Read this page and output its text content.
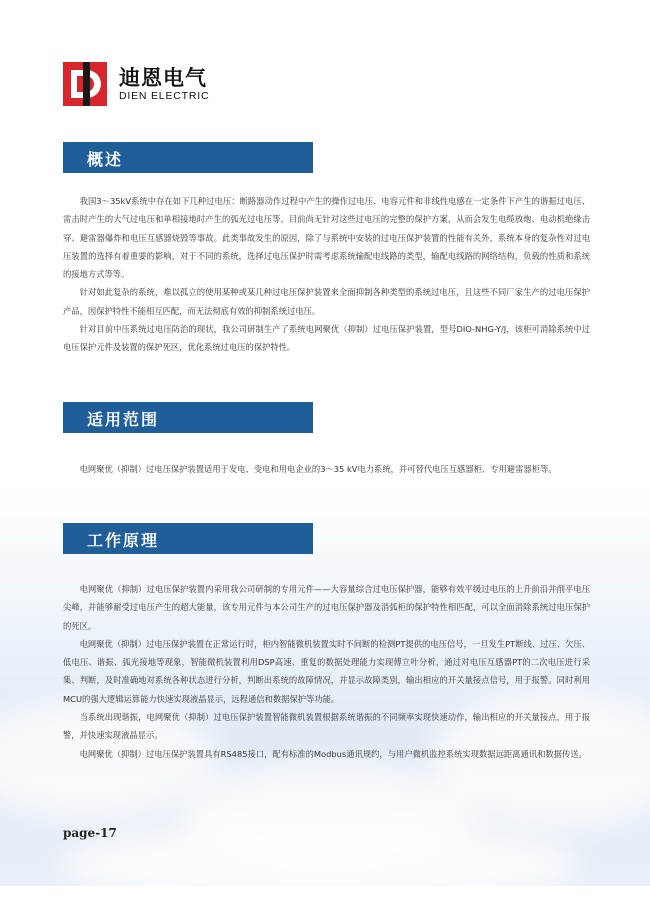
迪恩电气
DIEN ELECTRIC
概述

我国3～35kV系统中存在如下几种过电压：断路器动作过程中产生的操作过电压、电容元件和非线性电感在一定条件下产生的谐振过电压、雷击时产生的大气过电压和单相接地时产生的弧光过电压等。目前尚无针对这些过电压的完整的保护方案，从而会发生电缆放炮、电动机绝缘击穿、避雷器爆炸和电压互感器烧毁等事故。此类事故发生的原因，除了与系统中安装的过电压保护装置的性能有关外，系统本身的复杂性对过电压装置的选择有着重要的影响，对于不同的系统，选择过电压保护时需考虑系统输配电线路的类型，输配电线路的网络结构，负载的性质和系统的接地方式等等。

针对如此复杂的系统，难以孤立的使用某种或某几种过电压保护装置来全面抑制各种类型的系统过电压，且这些不同厂家生产的过电压保护产品，因保护特性不能相互匹配，而无法彻底有效的抑制系统过电压。

针对目前中压系统过电压防治的现状，我公司研制生产了系统电网聚优（抑制）过电压保护装置，型号DIO-NHG-Y/J，该柜可消除系统中过电压保护元件及装置的保护死区，优化系统过电压的保护特性。

适用范围

电网聚优（抑制）过电压保护装置适用于发电、变电和用电企业的3～35 kV电力系统，并可替代电压互感器柜、专用避雷器柜等。

工作原理

电网聚优（抑制）过电压保护装置内采用我公司研制的专用元件——大容量综合过电压保护器，能够有效平缓过电压的上升前沿并削平电压尖峰，并能够耐受过电压产生的超大能量，该专用元件与本公司生产的过电压保护器及消弧柜的保护特性相匹配，可以全面消除系统过电压保护的死区。

电网聚优（抑制）过电压保护装置在正常运行时，柜内智能微机装置实时不间断的检测PT提供的电压信号，一旦发生PT断线、过压、欠压、低电压、谐振、弧光接地等现象，智能微机装置利用DSP高速、重复的数据处理能力实现傅立叶分析，通过对电压互感器PT的二次电压进行采集、判断，及时准确地对系统各种状态进行分析，判断出系统的故障情况，并显示故障类别，输出相应的开关量接点信号，用于报警。同时利用MCU的强大逻辑运算能力快速实现液晶显示，远程通信和数据保护等功能。

当系统出现谐振，电网聚优（抑制）过电压保护装置智能微机装置根据系统谐振的不同频率实现快速动作，输出相应的开关量接点，用于报警，并快速实现液晶显示。

电网聚优（抑制）过电压保护装置具有RS485接口，配有标准的Modbus通讯规约，与用户微机监控系统实现数据远距离通讯和数据传送。

page-17
